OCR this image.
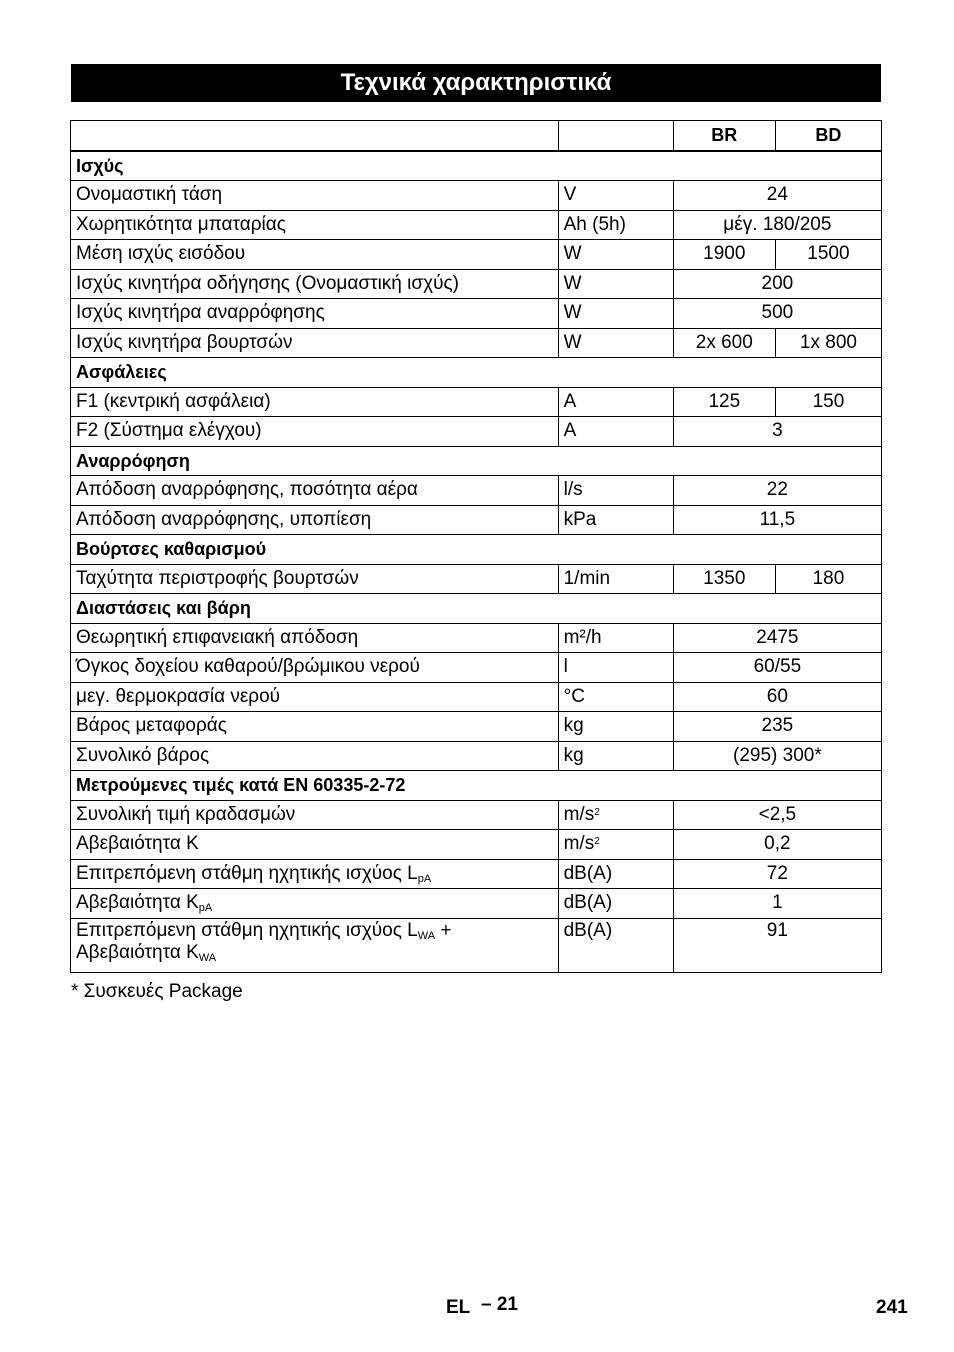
Τεχνικά χαρακτηριστικά
		BR	BD
Ισχύς			
Ονομαστική τάση	V	24	
Χωρητικότητα μπαταρίας	Ah (5h)	μέγ. 180/205	
Μέση ισχύς εισόδου	W	1900	1500
Ισχύς κινητήρα οδήγησης (Ονομαστική ισχύς)	W	200	
Ισχύς κινητήρα αναρρόφησης	W	500	
Ισχύς κινητήρα βουρτσών	W	2x 600	1x 800
Ασφάλειες			
F1 (κεντρική ασφάλεια)	A	125	150
F2 (Σύστημα ελέγχου)	A	3	
Αναρρόφηση			
Απόδοση αναρρόφησης, ποσότητα αέρα	l/s	22	
Απόδοση αναρρόφησης, υποπίεση	kPa	11,5	
Βούρτσες καθαρισμού			
Ταχύτητα περιστροφής βουρτσών	1/min	1350	180
Διαστάσεις και βάρη			
Θεωρητική επιφανειακή απόδοση	m²/h	2475	
Όγκος δοχείου καθαρού/βρώμικου νερού	l	60/55	
μεγ. θερμοκρασία νερού	°C	60	
Βάρος μεταφοράς	kg	235	
Συνολικό βάρος	kg	(295) 300*	
Μετρούμενες τιμές κατά EN 60335-2-72			
Συνολική τιμή κραδασμών	$m/s^2$	<2,5	
Αβεβαιότητα K	$m/s^2$	0,2	
Επιτρεπόμενη στάθμη ηχητικής ισχύος $L_{pA}$	dB(A)	72	
Αβεβαιότητα $K_{pA}$	dB(A)	1	
Επιτρεπόμενη στάθμη ηχητικής ισχύος $L_{WA}$ +
Αβεβαιότητα $K_{WA}$	dB(A)	91	
* Συσκευές Package
EL – 21	241
